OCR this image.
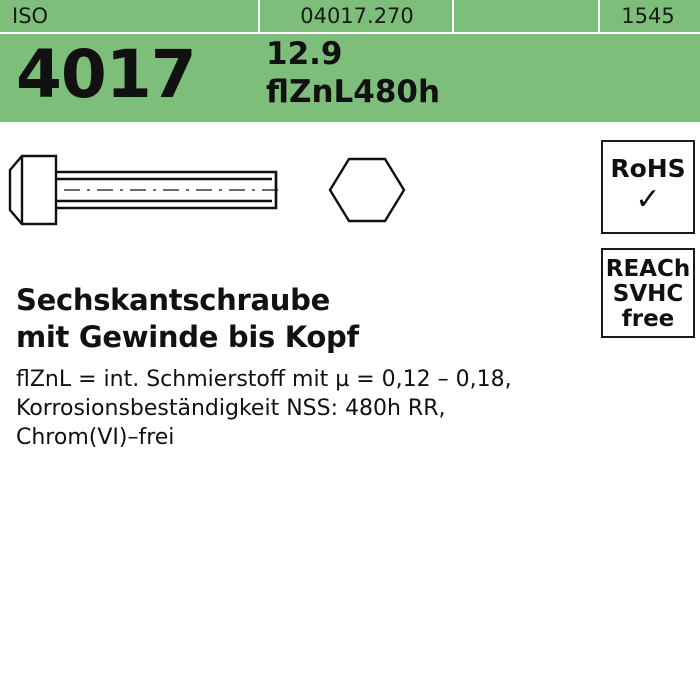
ISO	04017.270	1545
4017 12.9
flZnL480h
RoHS
✓
REACh
SVHC
free
Sechskantschraube
mit Gewinde bis Kopf
flZnL = int. Schmierstoff mit µ = 0,12 – 0,18,
Korrosionsbeständigkeit NSS: 480h RR,
Chrom(VI)–frei
